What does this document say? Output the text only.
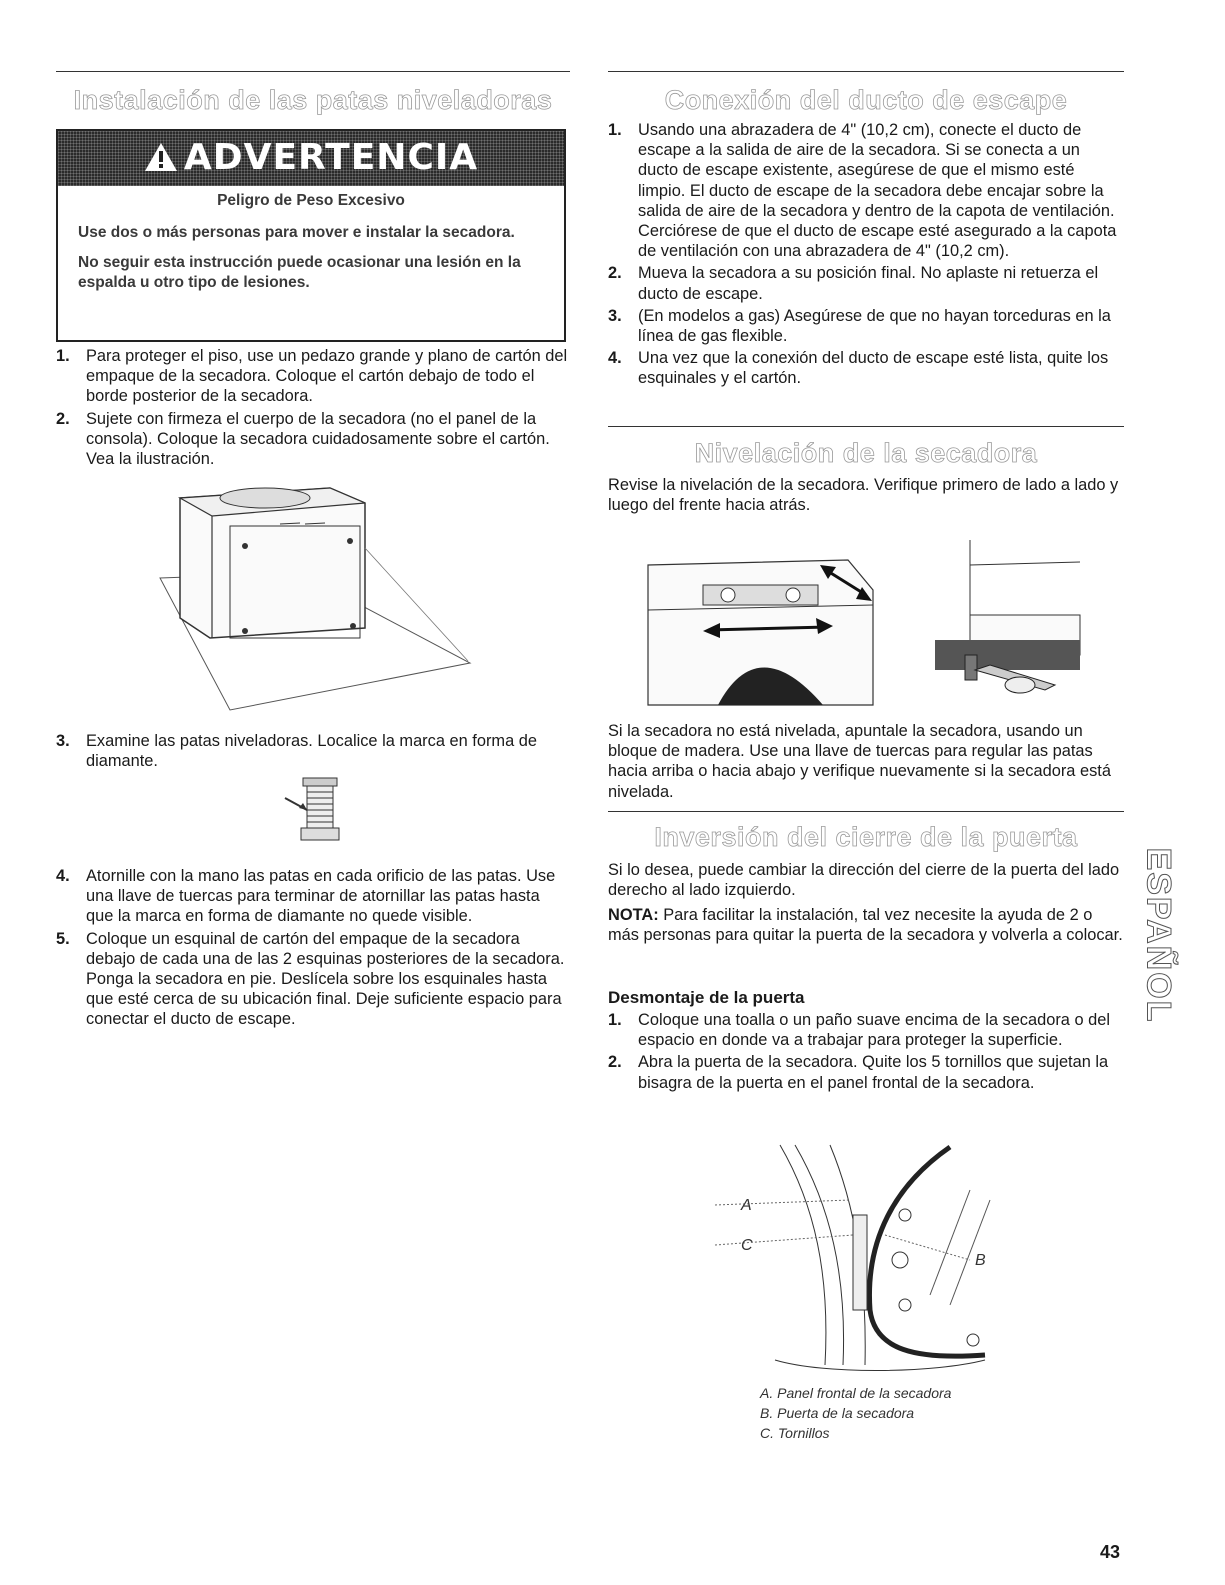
Instalación de las patas niveladoras
ADVERTENCIA

Peligro de Peso Excesivo

Use dos o más personas para mover e instalar la secadora.

No seguir esta instrucción puede ocasionar una lesión en la espalda u otro tipo de lesiones.

1. Para proteger el piso, use un pedazo grande y plano de cartón del empaque de la secadora. Coloque el cartón debajo de todo el borde posterior de la secadora.
2. Sujete con firmeza el cuerpo de la secadora (no el panel de la consola). Coloque la secadora cuidadosamente sobre el cartón. Vea la ilustración.
3. Examine las patas niveladoras. Localice la marca en forma de diamante.
4. Atornille con la mano las patas en cada orificio de las patas. Use una llave de tuercas para terminar de atornillar las patas hasta que la marca en forma de diamante no quede visible.
5. Coloque un esquinal de cartón del empaque de la secadora debajo de cada una de las 2 esquinas posteriores de la secadora. Ponga la secadora en pie. Deslícela sobre los esquinales hasta que esté cerca de su ubicación final. Deje suficiente espacio para conectar el ducto de escape.
Conexión del ducto de escape
1. Usando una abrazadera de 4" (10,2 cm), conecte el ducto de escape a la salida de aire de la secadora. Si se conecta a un ducto de escape existente, asegúrese de que el mismo esté limpio. El ducto de escape de la secadora debe encajar sobre la salida de aire de la secadora y dentro de la capota de ventilación. Cerciórese de que el ducto de escape esté asegurado a la capota de ventilación con una abrazadera de 4" (10,2 cm).
2. Mueva la secadora a su posición final. No aplaste ni retuerza el ducto de escape.
3. (En modelos a gas) Asegúrese de que no hayan torceduras en la línea de gas flexible.
4. Una vez que la conexión del ducto de escape esté lista, quite los esquinales y el cartón.
Nivelación de la secadora

Revise la nivelación de la secadora. Verifique primero de lado a lado y luego del frente hacia atrás.

Si la secadora no está nivelada, apuntale la secadora, usando un bloque de madera. Use una llave de tuercas para regular las patas hacia arriba o hacia abajo y verifique nuevamente si la secadora está nivelada.

Inversión del cierre de la puerta

Si lo desea, puede cambiar la dirección del cierre de la puerta del lado derecho al lado izquierdo.

NOTA: Para facilitar la instalación, tal vez necesite la ayuda de 2 o más personas para quitar la puerta de la secadora y volverla a colocar.

Desmontaje de la puerta
1. Coloque una toalla o un paño suave encima de la secadora o del espacio en donde va a trabajar para proteger la superficie.
2. Abra la puerta de la secadora. Quite los 5 tornillos que sujetan la bisagra de la puerta en el panel frontal de la secadora.
A
C
B
A. Panel frontal de la secadora
B. Puerta de la secadora
C. Tornillos
ESPAÑOL
43
